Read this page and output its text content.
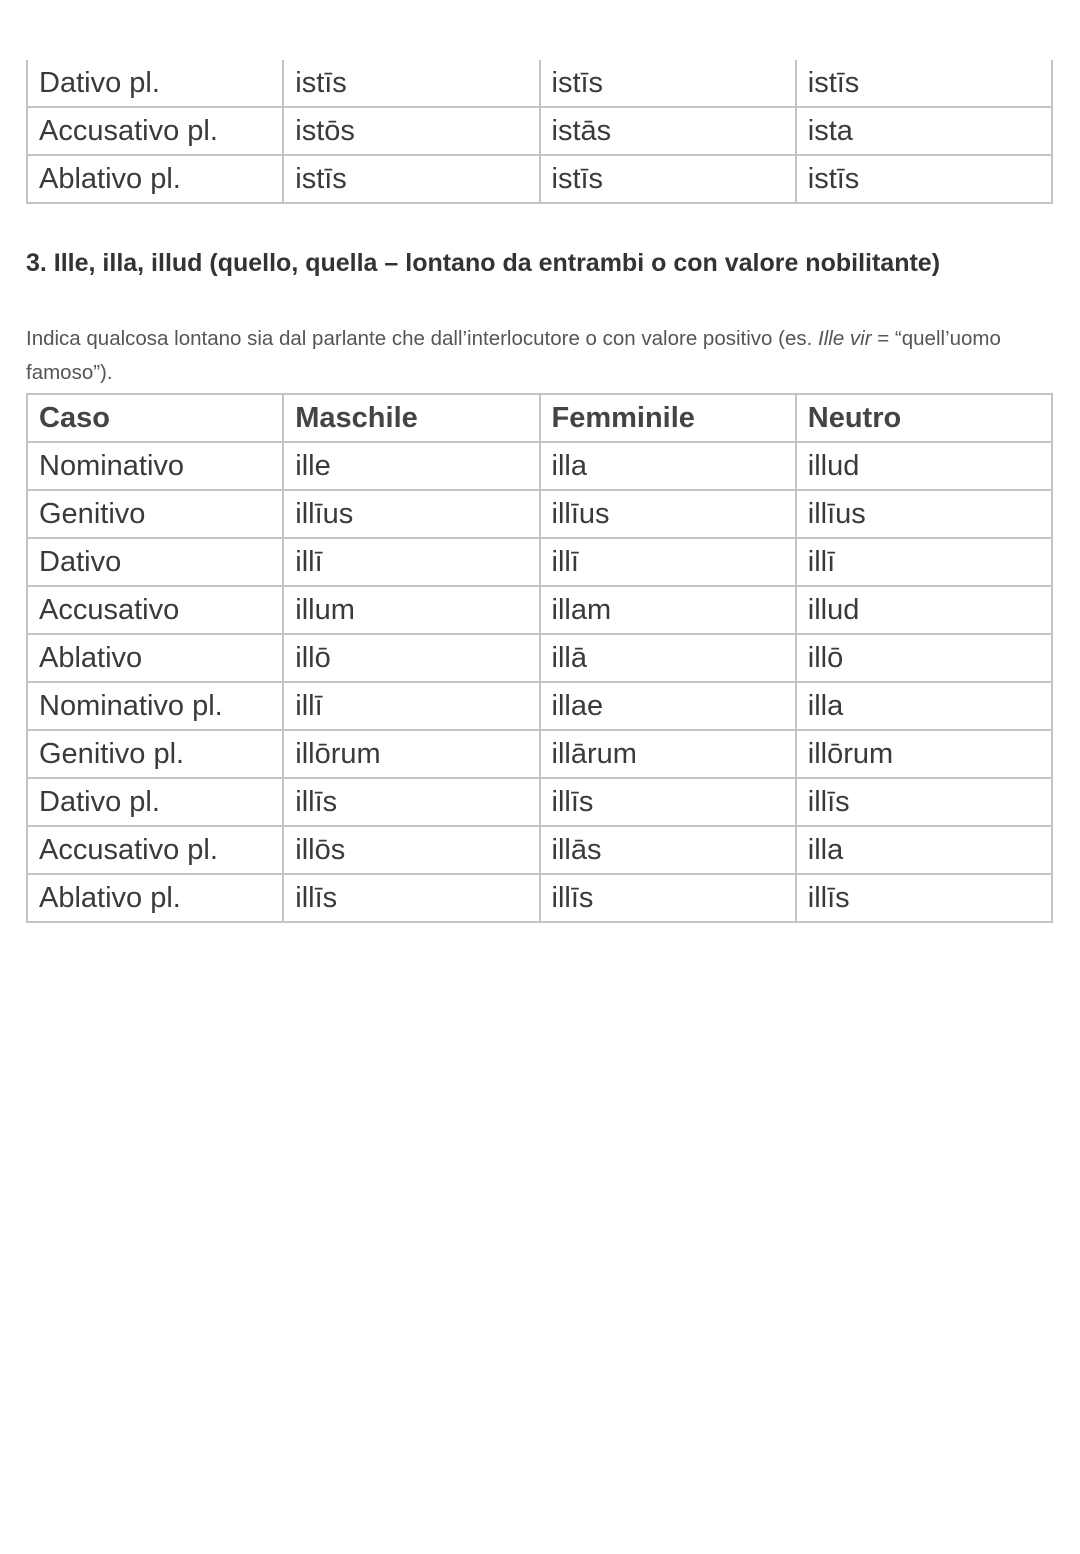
Dativo pl.	istīs	istīs	istīs
Accusativo pl.	istōs	istās	ista
Ablativo pl.	istīs	istīs	istīs
3. Ille, illa, illud (quello, quella – lontano da entrambi o con valore nobilitante)

Indica qualcosa lontano sia dal parlante che dall’interlocutore o con valore positivo (es. Ille vir = “quell’uomo famoso”).

Caso	Maschile	Femminile	Neutro
Nominativo	ille	illa	illud
Genitivo	illīus	illīus	illīus
Dativo	illī	illī	illī
Accusativo	illum	illam	illud
Ablativo	illō	illā	illō
Nominativo pl.	illī	illae	illa
Genitivo pl.	illōrum	illārum	illōrum
Dativo pl.	illīs	illīs	illīs
Accusativo pl.	illōs	illās	illa
Ablativo pl.	illīs	illīs	illīs
